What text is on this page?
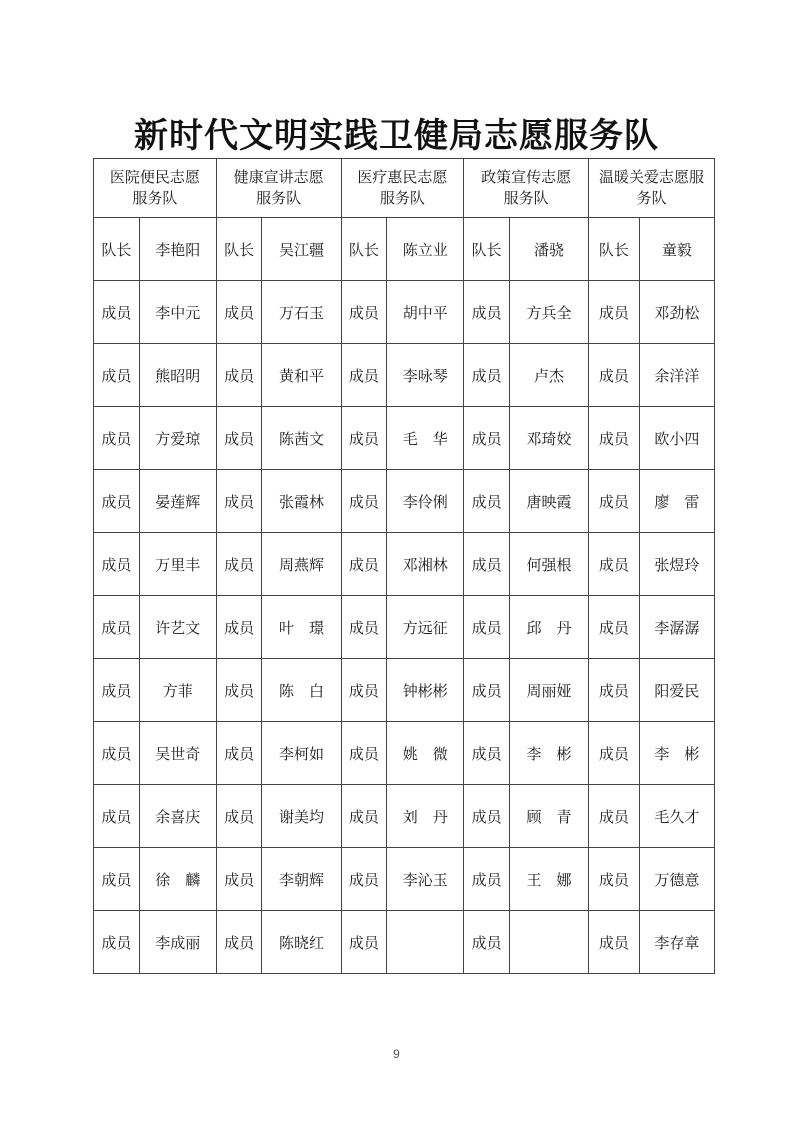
新时代文明实践卫健局志愿服务队
医院便民志愿
服务队		健康宣讲志愿
服务队		医疗惠民志愿
服务队		政策宣传志愿
服务队		温暖关爱志愿服
务队	
队长	李艳阳	队长	吴江疆	队长	陈立业	队长	潘骁	队长	童毅
成员	李中元	成员	万石玉	成员	胡中平	成员	方兵全	成员	邓劲松
成员	熊昭明	成员	黄和平	成员	李咏琴	成员	卢杰	成员	余洋洋
成员	方爱琼	成员	陈茜文	成员	毛　华	成员	邓琦姣	成员	欧小四
成员	晏莲辉	成员	张霞林	成员	李伶俐	成员	唐映霞	成员	廖　雷
成员	万里丰	成员	周燕辉	成员	邓湘林	成员	何强根	成员	张煜玲
成员	许艺文	成员	叶　璟	成员	方远征	成员	邱　丹	成员	李潺潺
成员	方菲	成员	陈　白	成员	钟彬彬	成员	周丽娅	成员	阳爱民
成员	吴世奇	成员	李柯如	成员	姚　微	成员	李　彬	成员	李　彬
成员	余喜庆	成员	谢美均	成员	刘　丹	成员	顾　青	成员	毛久才
成员	徐　麟	成员	李朝辉	成员	李沁玉	成员	王　娜	成员	万德意
成员	李成丽	成员	陈晓红	成员		成员		成员	李存章
9
